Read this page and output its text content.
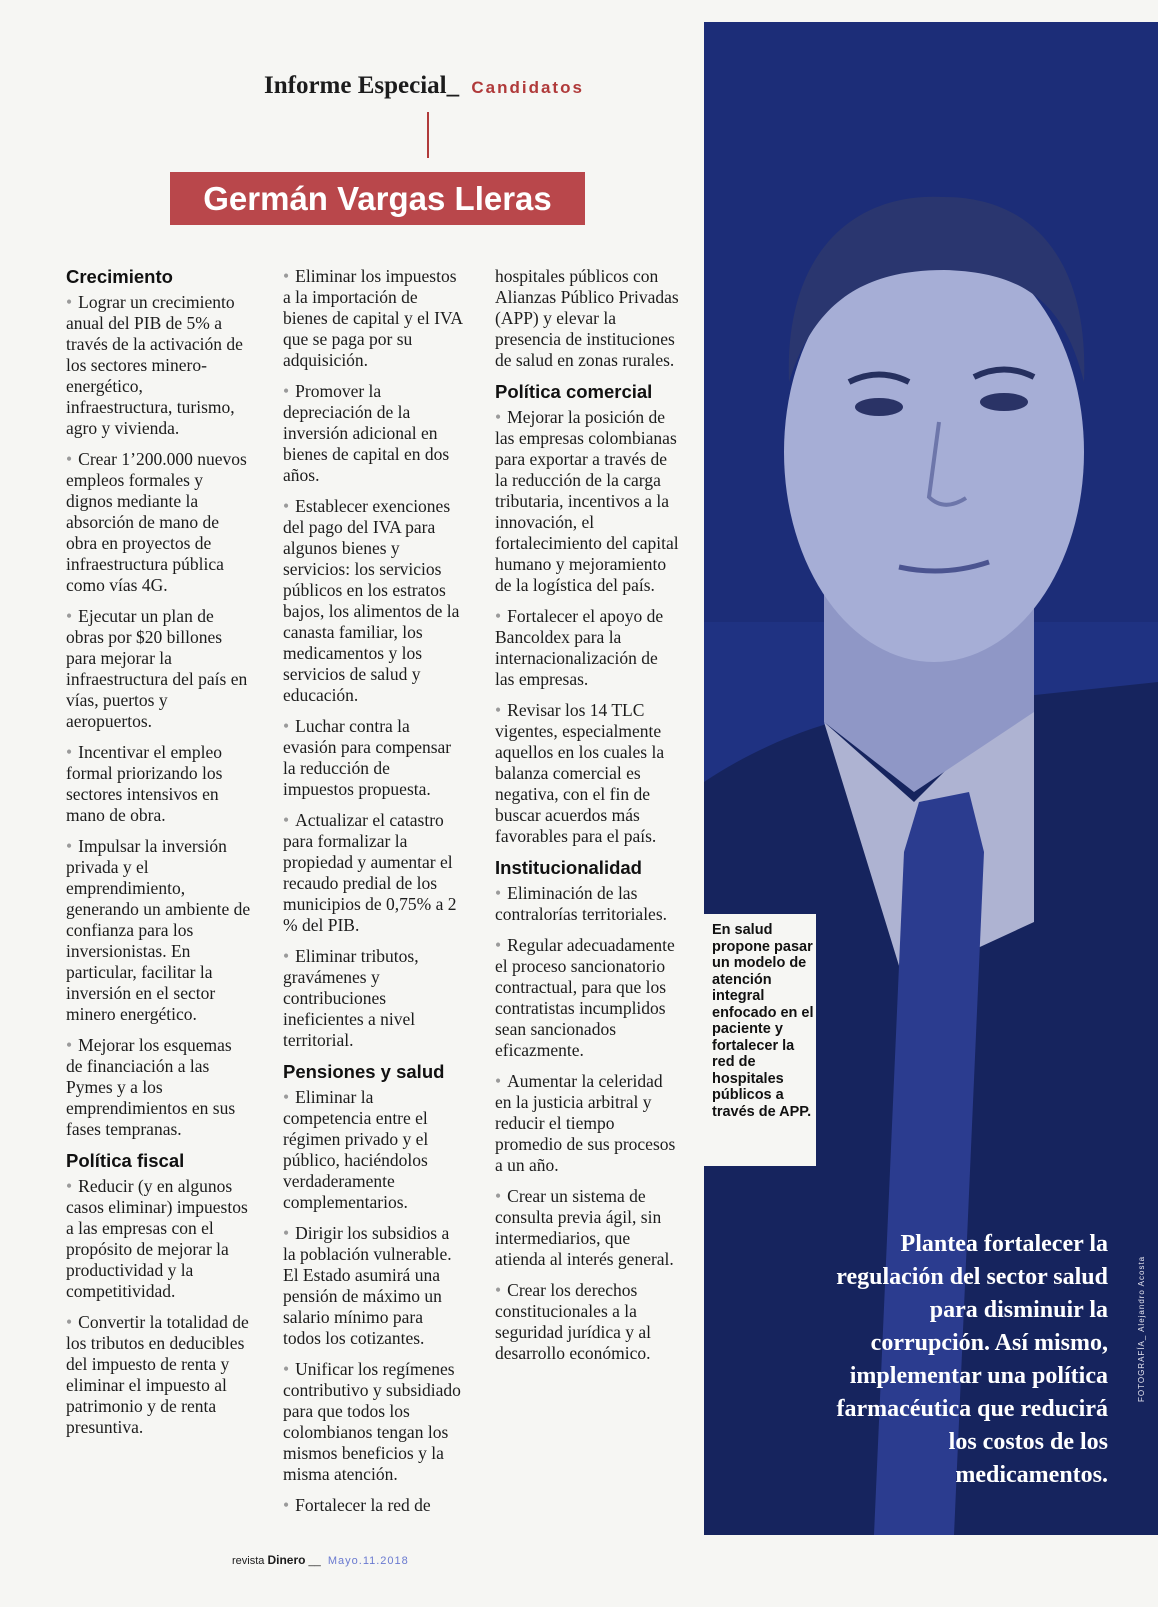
Informe Especial_ Candidatos
Germán Vargas Lleras
Crecimiento
• Lograr un crecimiento anual del PIB de 5% a través de la activación de los sectores minero-energético, infraestructura, turismo, agro y vivienda.
• Crear 1’200.000 nuevos empleos formales y dignos mediante la absorción de mano de obra en proyectos de infraestructura pública como vías 4G.
• Ejecutar un plan de obras por $20 billones para mejorar la infraestructura del país en vías, puertos y aeropuertos.
• Incentivar el empleo formal priorizando los sectores intensivos en mano de obra.
• Impulsar la inversión privada y el emprendimiento, generando un ambiente de confianza para los inversionistas. En particular, facilitar la inversión en el sector minero energético.
• Mejorar los esquemas de financiación a las Pymes y a los emprendimientos en sus fases tempranas.
Política fiscal
• Reducir (y en algunos casos eliminar) impuestos a las empresas con el propósito de mejorar la productividad y la competitividad.
• Convertir la totalidad de los tributos en deducibles del impuesto de renta y eliminar el impuesto al patrimonio y de renta presuntiva.
• Eliminar los impuestos a la importación de bienes de capital y el IVA que se paga por su adquisición.
• Promover la depreciación de la inversión adicional en bienes de capital en dos años.
• Establecer exenciones del pago del IVA para algunos bienes y servicios: los servicios públicos en los estratos bajos, los alimentos de la canasta familiar, los medicamentos y los servicios de salud y educación.
• Luchar contra la evasión para compensar la reducción de impuestos propuesta.
• Actualizar el catastro para formalizar la propiedad y aumentar el recaudo predial de los municipios de 0,75% a 2 % del PIB.
• Eliminar tributos, gravámenes y contribuciones ineficientes a nivel territorial.
Pensiones y salud
• Eliminar la competencia entre el régimen privado y el público, haciéndolos verdaderamente complementarios.
• Dirigir los subsidios a la población vulnerable. El Estado asumirá una pensión de máximo un salario mínimo para todos los cotizantes.
• Unificar los regímenes contributivo y subsidiado para que todos los colombianos tengan los mismos beneficios y la misma atención.
• Fortalecer la red de
hospitales públicos con Alianzas Público Privadas (APP) y elevar la presencia de instituciones de salud en zonas rurales.
Política comercial
• Mejorar la posición de las empresas colombianas para exportar a través de la reducción de la carga tributaria, incentivos a la innovación, el fortalecimiento del capital humano y mejoramiento de la logística del país.
• Fortalecer el apoyo de Bancoldex para la internacionalización de las empresas.
• Revisar los 14 TLC vigentes, especialmente aquellos en los cuales la balanza comercial es negativa, con el fin de buscar acuerdos más favorables para el país.
Institucionalidad
• Eliminación de las contralorías territoriales.
• Regular adecuadamente el proceso sancionatorio contractual, para que los contratistas incumplidos sean sancionados eficazmente.
• Aumentar la celeridad en la justicia arbitral y reducir el tiempo promedio de sus procesos a un año.
• Crear un sistema de consulta previa ágil, sin intermediarios, que atienda al interés general.
• Crear los derechos constitucionales a la seguridad jurídica y al desarrollo económico.
En salud propone pasar un modelo de atención integral enfocado en el paciente y fortalecer la red de hospitales públicos a través de APP.
Plantea fortalecer la regulación del sector salud para disminuir la corrupción. Así mismo, implementar una política farmacéutica que reducirá los costos de los medicamentos.
FOTOGRAFÍA_ Alejandro Acosta
revista Dinero __ Mayo.11.2018
